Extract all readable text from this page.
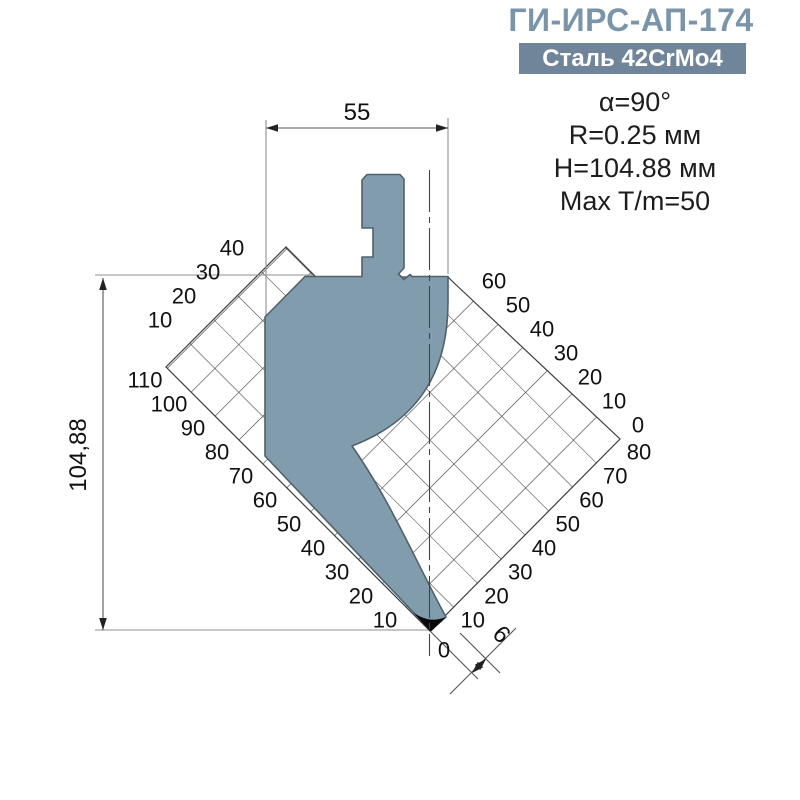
ГИ-ИРС-АП-174
Сталь 42CrMo4
α=90°
R=0.25 мм
H=104.88 мм
Max T/m=50
55
104,88
6
0
110
100
90
80
70
60
50
40
30
20
10
10
20
30
40
60
50
40
30
20
10
0
80
70
60
50
40
30
20
10
